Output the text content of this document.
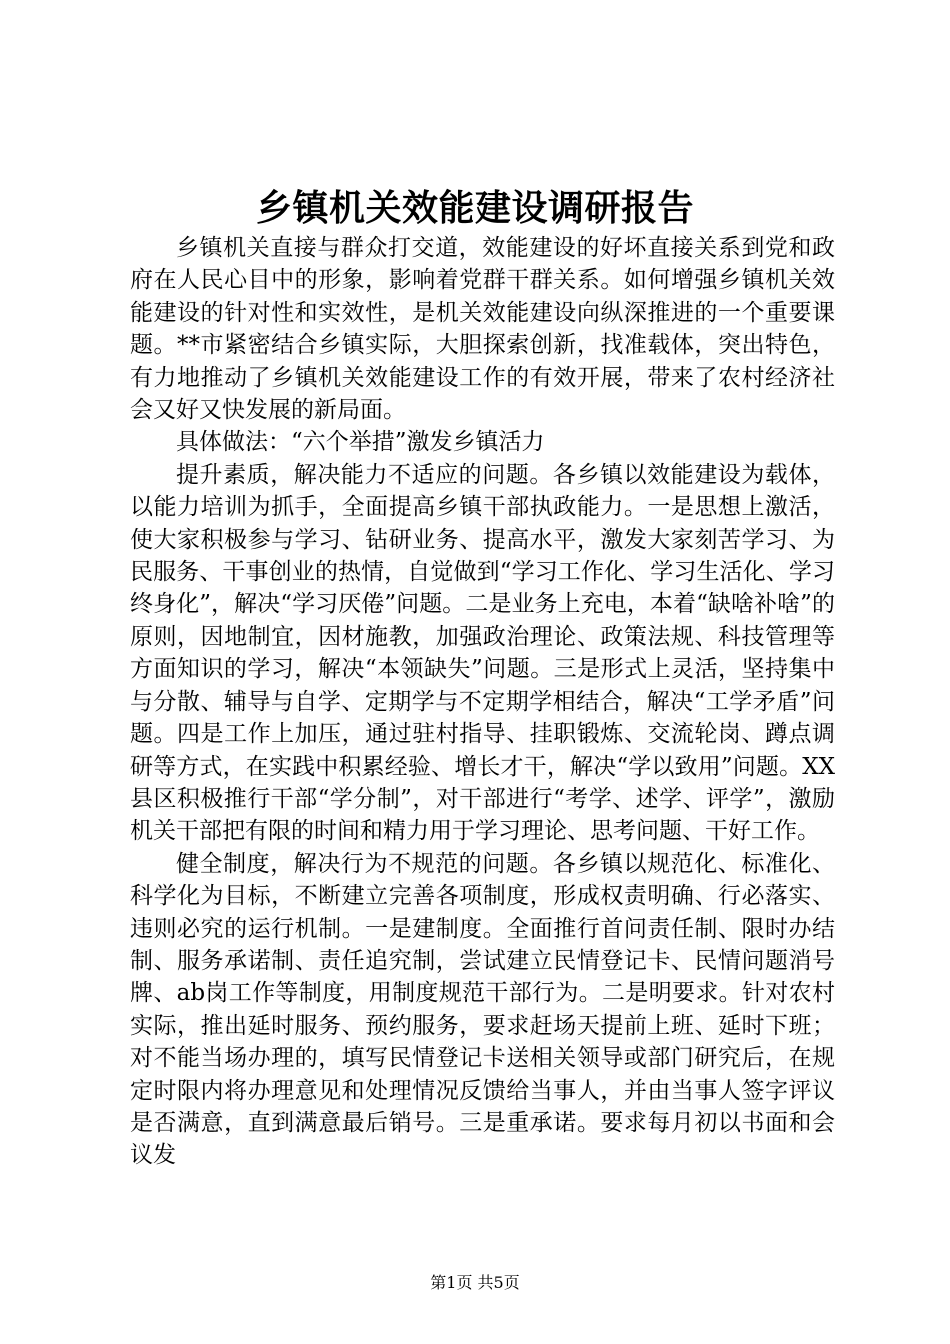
乡镇机关效能建设调研报告

乡镇机关直接与群众打交道，效能建设的好坏直接关系到党和政府在人民心目中的形象，影响着党群干群关系。如何增强乡镇机关效能建设的针对性和实效性，是机关效能建设向纵深推进的一个重要课题。**市紧密结合乡镇实际，大胆探索创新，找准载体，突出特色，有力地推动了乡镇机关效能建设工作的有效开展，带来了农村经济社会又好又快发展的新局面。

具体做法：“六个举措”激发乡镇活力

提升素质，解决能力不适应的问题。各乡镇以效能建设为载体，以能力培训为抓手，全面提高乡镇干部执政能力。一是思想上激活，使大家积极参与学习、钻研业务、提高水平，激发大家刻苦学习、为民服务、干事创业的热情，自觉做到“学习工作化、学习生活化、学习终身化”，解决“学习厌倦”问题。二是业务上充电，本着“缺啥补啥”的原则，因地制宜，因材施教，加强政治理论、政策法规、科技管理等方面知识的学习，解决“本领缺失”问题。三是形式上灵活，坚持集中与分散、辅导与自学、定期学与不定期学相结合，解决“工学矛盾”问题。四是工作上加压，通过驻村指导、挂职锻炼、交流轮岗、蹲点调研等方式，在实践中积累经验、增长才干，解决“学以致用”问题。XX县区积极推行干部“学分制”，对干部进行“考学、述学、评学”，激励机关干部把有限的时间和精力用于学习理论、思考问题、干好工作。

健全制度，解决行为不规范的问题。各乡镇以规范化、标准化、科学化为目标，不断建立完善各项制度，形成权责明确、行必落实、违则必究的运行机制。一是建制度。全面推行首问责任制、限时办结制、服务承诺制、责任追究制，尝试建立民情登记卡、民情问题消号牌、ab岗工作等制度，用制度规范干部行为。二是明要求。针对农村实际，推出延时服务、预约服务，要求赶场天提前上班、延时下班；对不能当场办理的，填写民情登记卡送相关领导或部门研究后，在规定时限内将办理意见和处理情况反馈给当事人，并由当事人签字评议是否满意，直到满意最后销号。三是重承诺。要求每月初以书面和会议发

第1页 共5页
